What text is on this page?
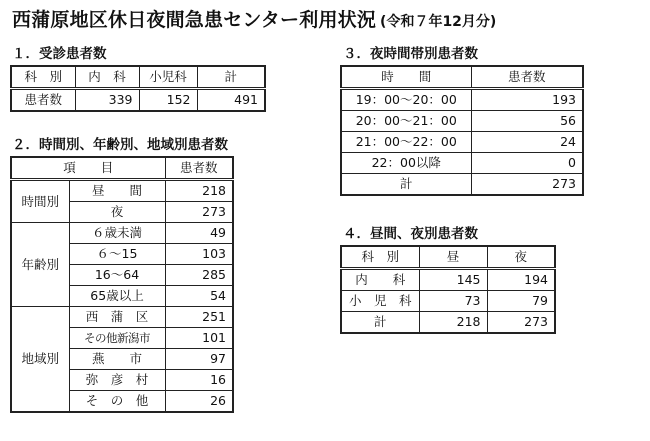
西蒲原地区休日夜間急患センター利用状況 (令和７年12月分)
１．受診患者数
科　別	内　科	小児科	計
患者数	339	152	491
２．時間別、年齢別、地域別患者数
項　　目		患者数
時間別	昼　　間	218
	夜	273
年齢別	６歳未満	49
	６～15	103
	16～64	285
	65歳以上	54
地域別	西　蒲　区	251
	その他新潟市	101
	燕　　市	97
	弥　彦　村	16
	そ　の　他	26
３．夜時間帯別患者数
時　　間	患者数
19：00～20：00	193
20：00～21：00	56
21：00～22：00	24
22：00以降	0
計	273
４．昼間、夜別患者数
科　別	昼	夜
内　　科	145	194
小　児　科	73	79
計	218	273
